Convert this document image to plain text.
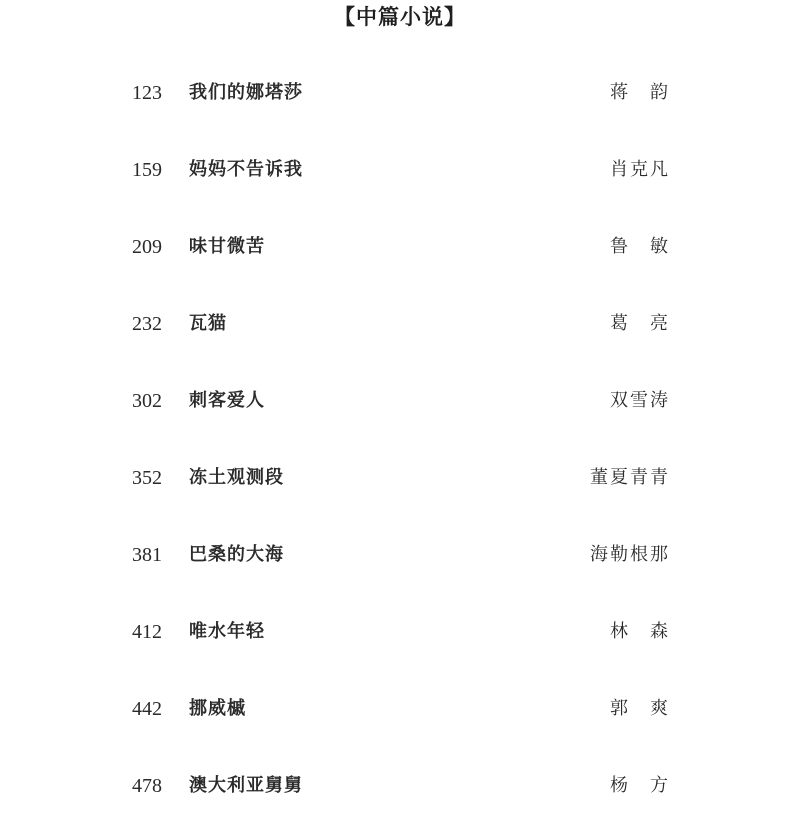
【中篇小说】
123 我们的娜塔莎	蒋　韵
159 妈妈不告诉我	肖克凡
209 味甘微苦	鲁　敏
232 瓦猫	葛　亮
302 刺客爱人	双雪涛
352 冻土观测段	董夏青青
381 巴桑的大海	海勒根那
412 唯水年轻	林　森
442 挪威槭	郭　爽
478 澳大利亚舅舅	杨　方
